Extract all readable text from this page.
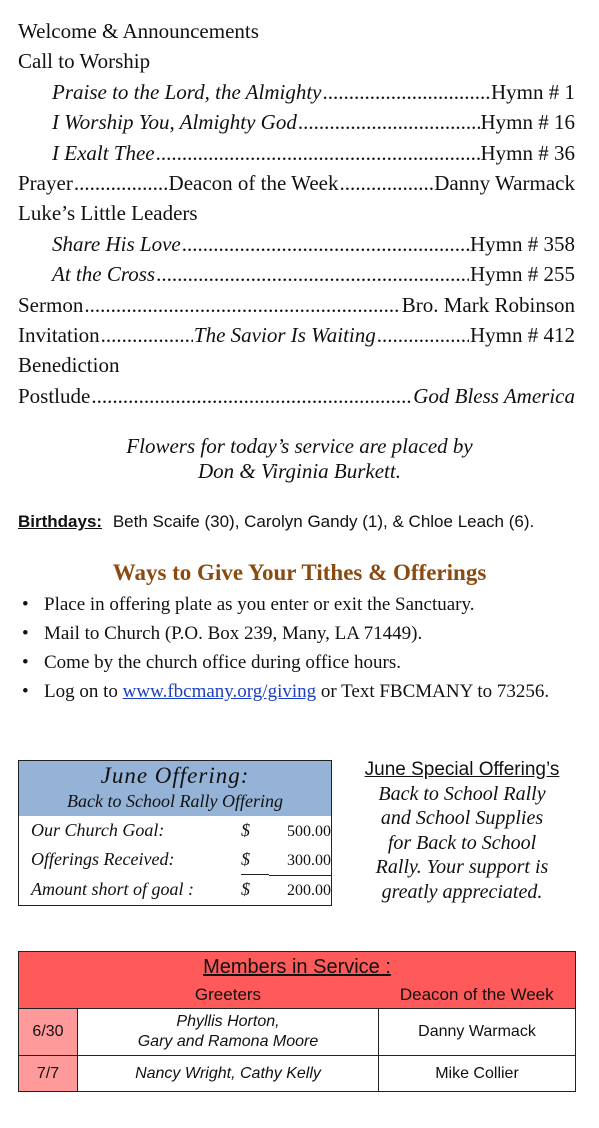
Welcome & Announcements
Call to Worship
Praise to the Lord, the Almighty .....	Hymn # 1
I Worship You, Almighty God .....	Hymn # 16
I Exalt Thee .....	Hymn # 36
Prayer .....	Deacon of the Week .....	Danny Warmack
Luke’s Little Leaders
Share His Love .....	Hymn # 358
At the Cross .....	Hymn # 255
Sermon .....	Bro. Mark Robinson
Invitation .....	The Savior Is Waiting .....	Hymn # 412
Benediction
Postlude .....	God Bless America
Flowers for today’s service are placed by
Don & Virginia Burkett.
Birthdays: Beth Scaife (30), Carolyn Gandy (1), & Chloe Leach (6).
Ways to Give Your Tithes & Offerings
• Place in offering plate as you enter or exit the Sanctuary.
• Mail to Church (P.O. Box 239, Many, LA 71449).
• Come by the church office during office hours.
• Log on to www.fbcmany.org/giving or Text FBCMANY to 73256.
June Offering:
Back to School Rally Offering
Our Church Goal:	$	500.00
Offerings Received:	$	300.00
Amount short of goal :	$	200.00
June Special Offering’s
Back to School Rally
and School Supplies
for Back to School
Rally. Your support is
greatly appreciated.
Members in Service :		
	Greeters	Deacon of the Week
6/30	Phyllis Horton,
Gary and Ramona Moore	Danny Warmack
7/7	Nancy Wright, Cathy Kelly	Mike Collier
